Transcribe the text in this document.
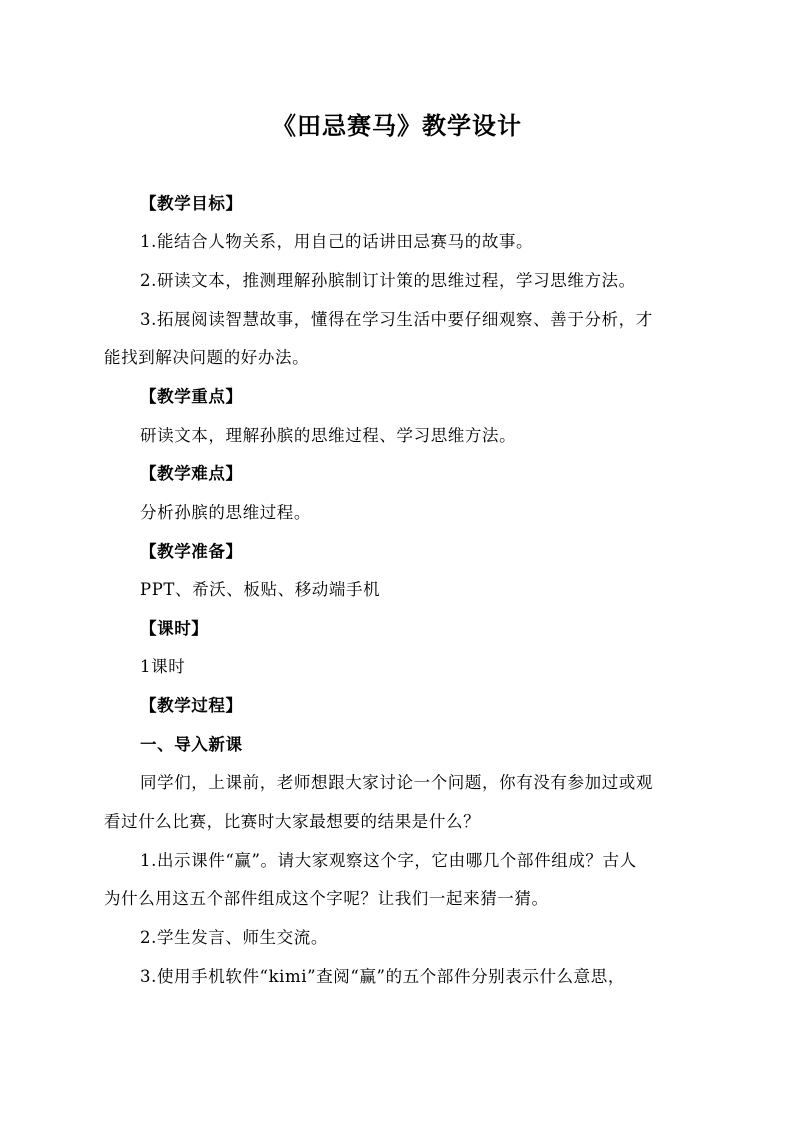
《田忌赛马》教学设计
【教学目标】
1.能结合人物关系，用自己的话讲田忌赛马的故事。
2.研读文本，推测理解孙膑制订计策的思维过程，学习思维方法。
3.拓展阅读智慧故事，懂得在学习生活中要仔细观察、善于分析，才
能找到解决问题的好办法。
【教学重点】
研读文本，理解孙膑的思维过程、学习思维方法。
【教学难点】
分析孙膑的思维过程。
【教学准备】
PPT、希沃、板贴、移动端手机
【课时】
1课时
【教学过程】
一、导入新课
同学们，上课前，老师想跟大家讨论一个问题，你有没有参加过或观
看过什么比赛，比赛时大家最想要的结果是什么？
1.出示课件“赢”。请大家观察这个字，它由哪几个部件组成？古人
为什么用这五个部件组成这个字呢？让我们一起来猜一猜。
2.学生发言、师生交流。
3.使用手机软件“kimi”查阅“赢”的五个部件分别表示什么意思，
